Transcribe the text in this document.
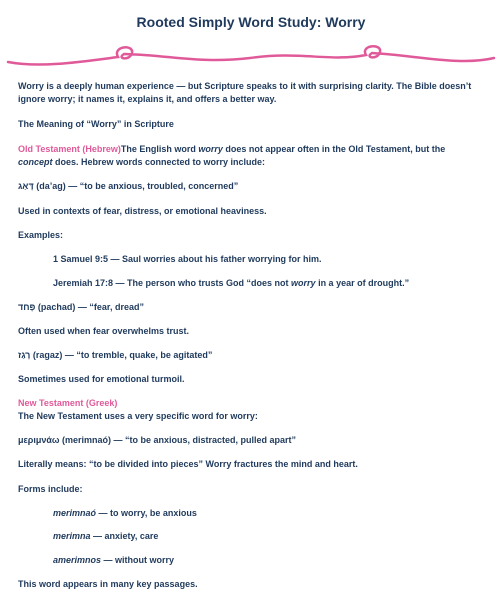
Rooted Simply Word Study: Worry
Worry is a deeply human experience — but Scripture speaks to it with surprising clarity. The Bible doesn’t ignore worry; it names it, explains it, and offers a better way.
The Meaning of “Worry” in Scripture
Old Testament (Hebrew)The English word worry does not appear often in the Old Testament, but the
concept does. Hebrew words connected to worry include:
דָּאַג (da’ag) — “to be anxious, troubled, concerned”
Used in contexts of fear, distress, or emotional heaviness.
Examples:
1 Samuel 9:5 — Saul worries about his father worrying for him.
Jeremiah 17:8 — The person who trusts God “does not worry in a year of drought.”
פָּחד (pachad) — “fear, dread”
Often used when fear overwhelms trust.
רָגַז (ragaz) — “to tremble, quake, be agitated”
Sometimes used for emotional turmoil.
New Testament (Greek)
The New Testament uses a very specific word for worry:
μεριμνάω (merimnaó) — “to be anxious, distracted, pulled apart”
Literally means: “to be divided into pieces” Worry fractures the mind and heart.
Forms include:
merimnaó — to worry, be anxious
merimna — anxiety, care
amerimnos — without worry
This word appears in many key passages.
